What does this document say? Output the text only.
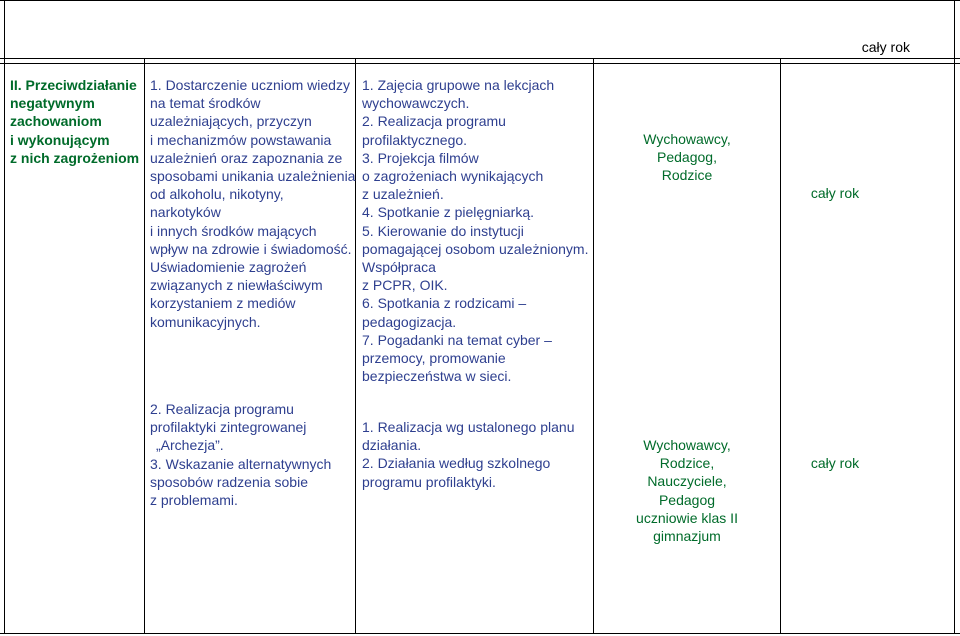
cały rok
II. Przeciwdziałanie
negatywnym
zachowaniom
i wykonującym
z nich zagrożeniom
1. Dostarczenie uczniom wiedzy
na temat środków
uzależniających, przyczyn
i mechanizmów powstawania
uzależnień oraz zapoznania ze
sposobami unikania uzależnienia
od alkoholu, nikotyny,
narkotyków
i innych środków mających
wpływ na zdrowie i świadomość.
Uświadomienie zagrożeń
związanych z niewłaściwym
korzystaniem z mediów
komunikacyjnych.
1. Zajęcia grupowe na lekcjach
wychowawczych.
2. Realizacja programu
profilaktycznego.
3. Projekcja filmów
o zagrożeniach wynikających
z uzależnień.
4. Spotkanie z pielęgniarką.
5. Kierowanie do instytucji
pomagającej osobom uzależnionym.
Współpraca
z PCPR, OIK.
6. Spotkania z rodzicami –
pedagogizacja.
7. Pogadanki na temat cyber –
przemocy, promowanie
bezpieczeństwa w sieci.
Wychowawcy,
Pedagog,
Rodzice
cały rok
2. Realizacja programu
profilaktyki zintegrowanej
„Archezja”.
3. Wskazanie alternatywnych
sposobów radzenia sobie
z problemami.
1. Realizacja wg ustalonego planu
działania.
2. Działania według szkolnego
programu profilaktyki.
Wychowawcy,
Rodzice,
Nauczyciele,
Pedagog
uczniowie klas II
gimnazjum
cały rok
